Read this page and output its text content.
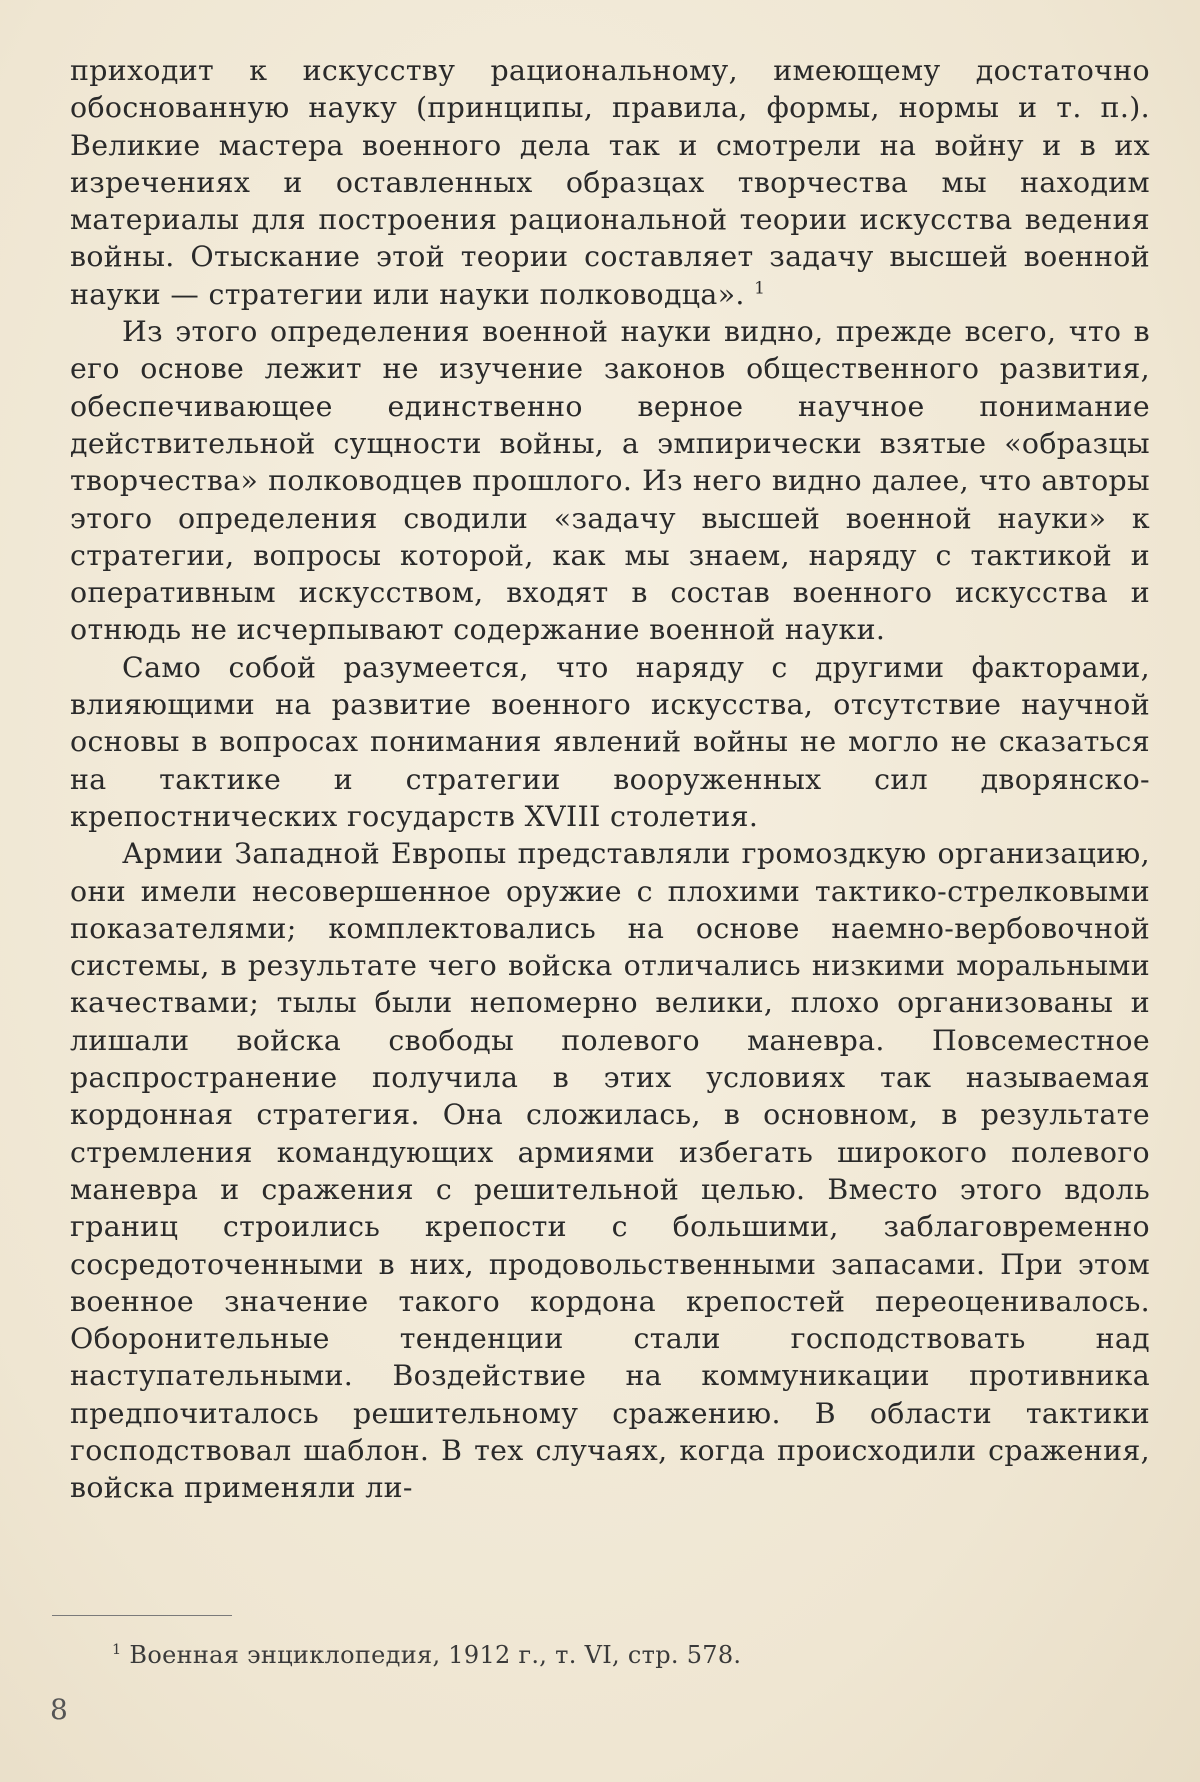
приходит к искусству рациональному, имеющему достаточно обоснованную науку (принципы, правила, формы, нормы и т. п.). Великие мастера военного дела так и смотрели на войну и в их изречениях и оставленных образцах творчества мы находим материалы для построения рациональной теории искусства ведения войны. Отыскание этой теории составляет задачу высшей военной науки — стратегии или науки полководца». $^1$

Из этого определения военной науки видно, прежде всего, что в его основе лежит не изучение законов общественного развития, обеспечивающее единственно верное научное понимание действительной сущности войны, а эмпирически взятые «образцы творчества» полководцев прошлого. Из него видно далее, что авторы этого определения сводили «задачу высшей военной науки» к стратегии, вопросы которой, как мы знаем, наряду с тактикой и оперативным искусством, входят в состав военного искусства и отнюдь не исчерпывают содержание военной науки.

Само собой разумеется, что наряду с другими факторами, влияющими на развитие военного искусства, отсутствие научной основы в вопросах понимания явлений войны не могло не сказаться на тактике и стратегии вооруженных сил дворянско-крепостнических государств XVIII столетия.

Армии Западной Европы представляли громоздкую организацию, они имели несовершенное оружие с плохими тактико-стрелковыми показателями; комплектовались на основе наемно-вербовочной системы, в результате чего войска отличались низкими моральными качествами; тылы были непомерно велики, плохо организованы и лишали войска свободы полевого маневра. Повсеместное распространение получила в этих условиях так называемая кордонная стратегия. Она сложилась, в основном, в результате стремления командующих армиями избегать широкого полевого маневра и сражения с решительной целью. Вместо этого вдоль границ строились крепости с большими, заблаговременно сосредоточенными в них, продовольственными запасами. При этом военное значение такого кордона крепостей переоценивалось. Оборонительные тенденции стали господствовать над наступательными. Воздействие на коммуникации противника предпочиталось решительному сражению. В области тактики господствовал шаблон. В тех случаях, когда происходили сражения, войска применяли ли-

$^1$ Военная энциклопедия, 1912 г., т. VI, стр. 578.
8
